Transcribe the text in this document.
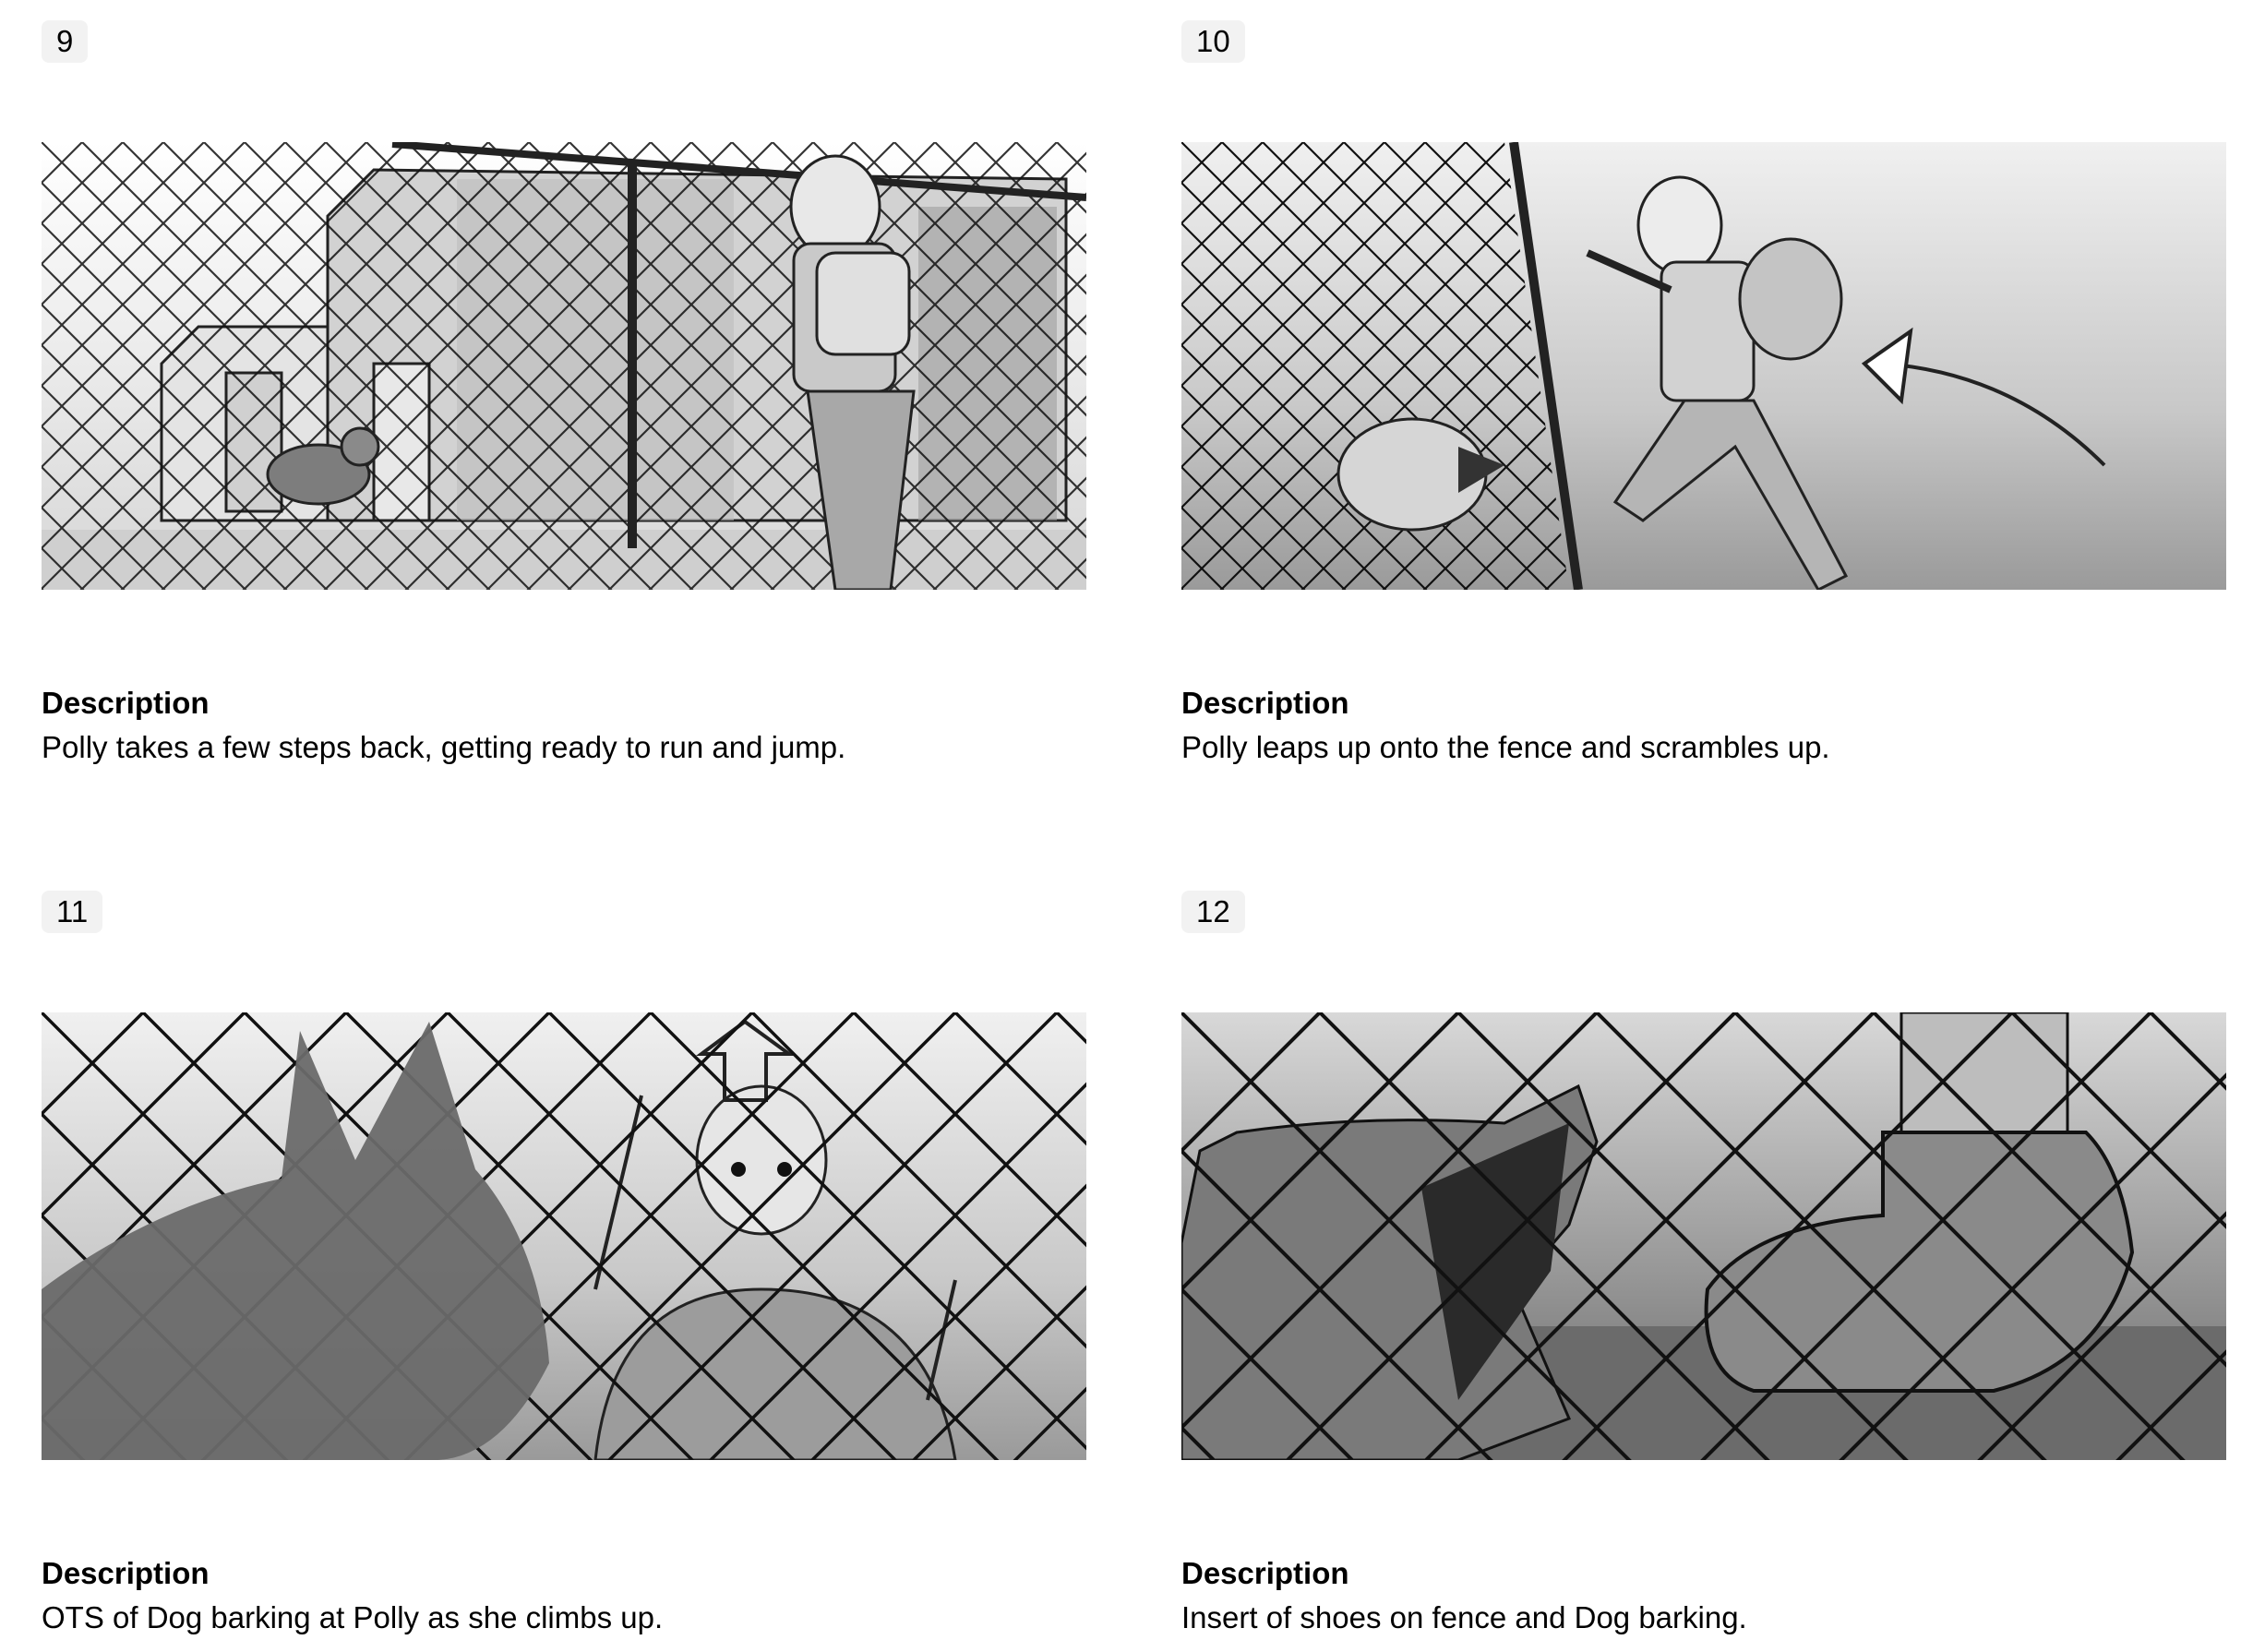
9
Description
Polly takes a few steps back, getting ready to run and jump.
10
Description
Polly leaps up onto the fence and scrambles up.
11
Description
OTS of Dog barking at Polly as she climbs up.
12
Description
Insert of shoes on fence and Dog barking.
